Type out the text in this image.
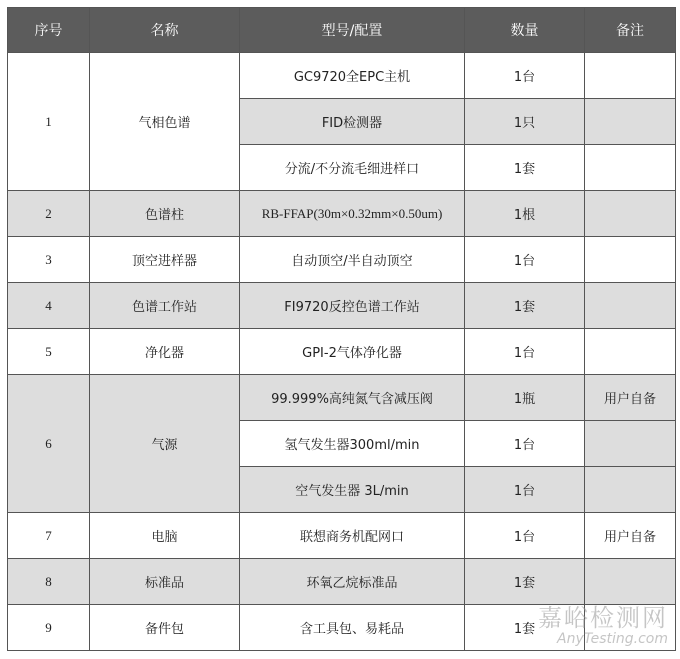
序号	名称	型号/配置	数量	备注
1	气相色谱	GC9720全EPC主机	1台	
		FID检测器	1只	
		分流/不分流毛细进样口	1套	
2	色谱柱	RB-FFAP(30m×0.32mm×0.50um)	1根	
3	顶空进样器	自动顶空/半自动顶空	1台	
4	色谱工作站	FI9720反控色谱工作站	1套	
5	净化器	GPI-2气体净化器	1台	
6	气源	99.999%高纯氮气含减压阀	1瓶	用户自备
		氢气发生器300ml/min	1台	
		空气发生器 3L/min	1台	
7	电脑	联想商务机配网口	1台	用户自备
8	标准品	环氧乙烷标准品	1套	
9	备件包	含工具包、易耗品	1套	嘉峪检测网
AnyTesting.com
